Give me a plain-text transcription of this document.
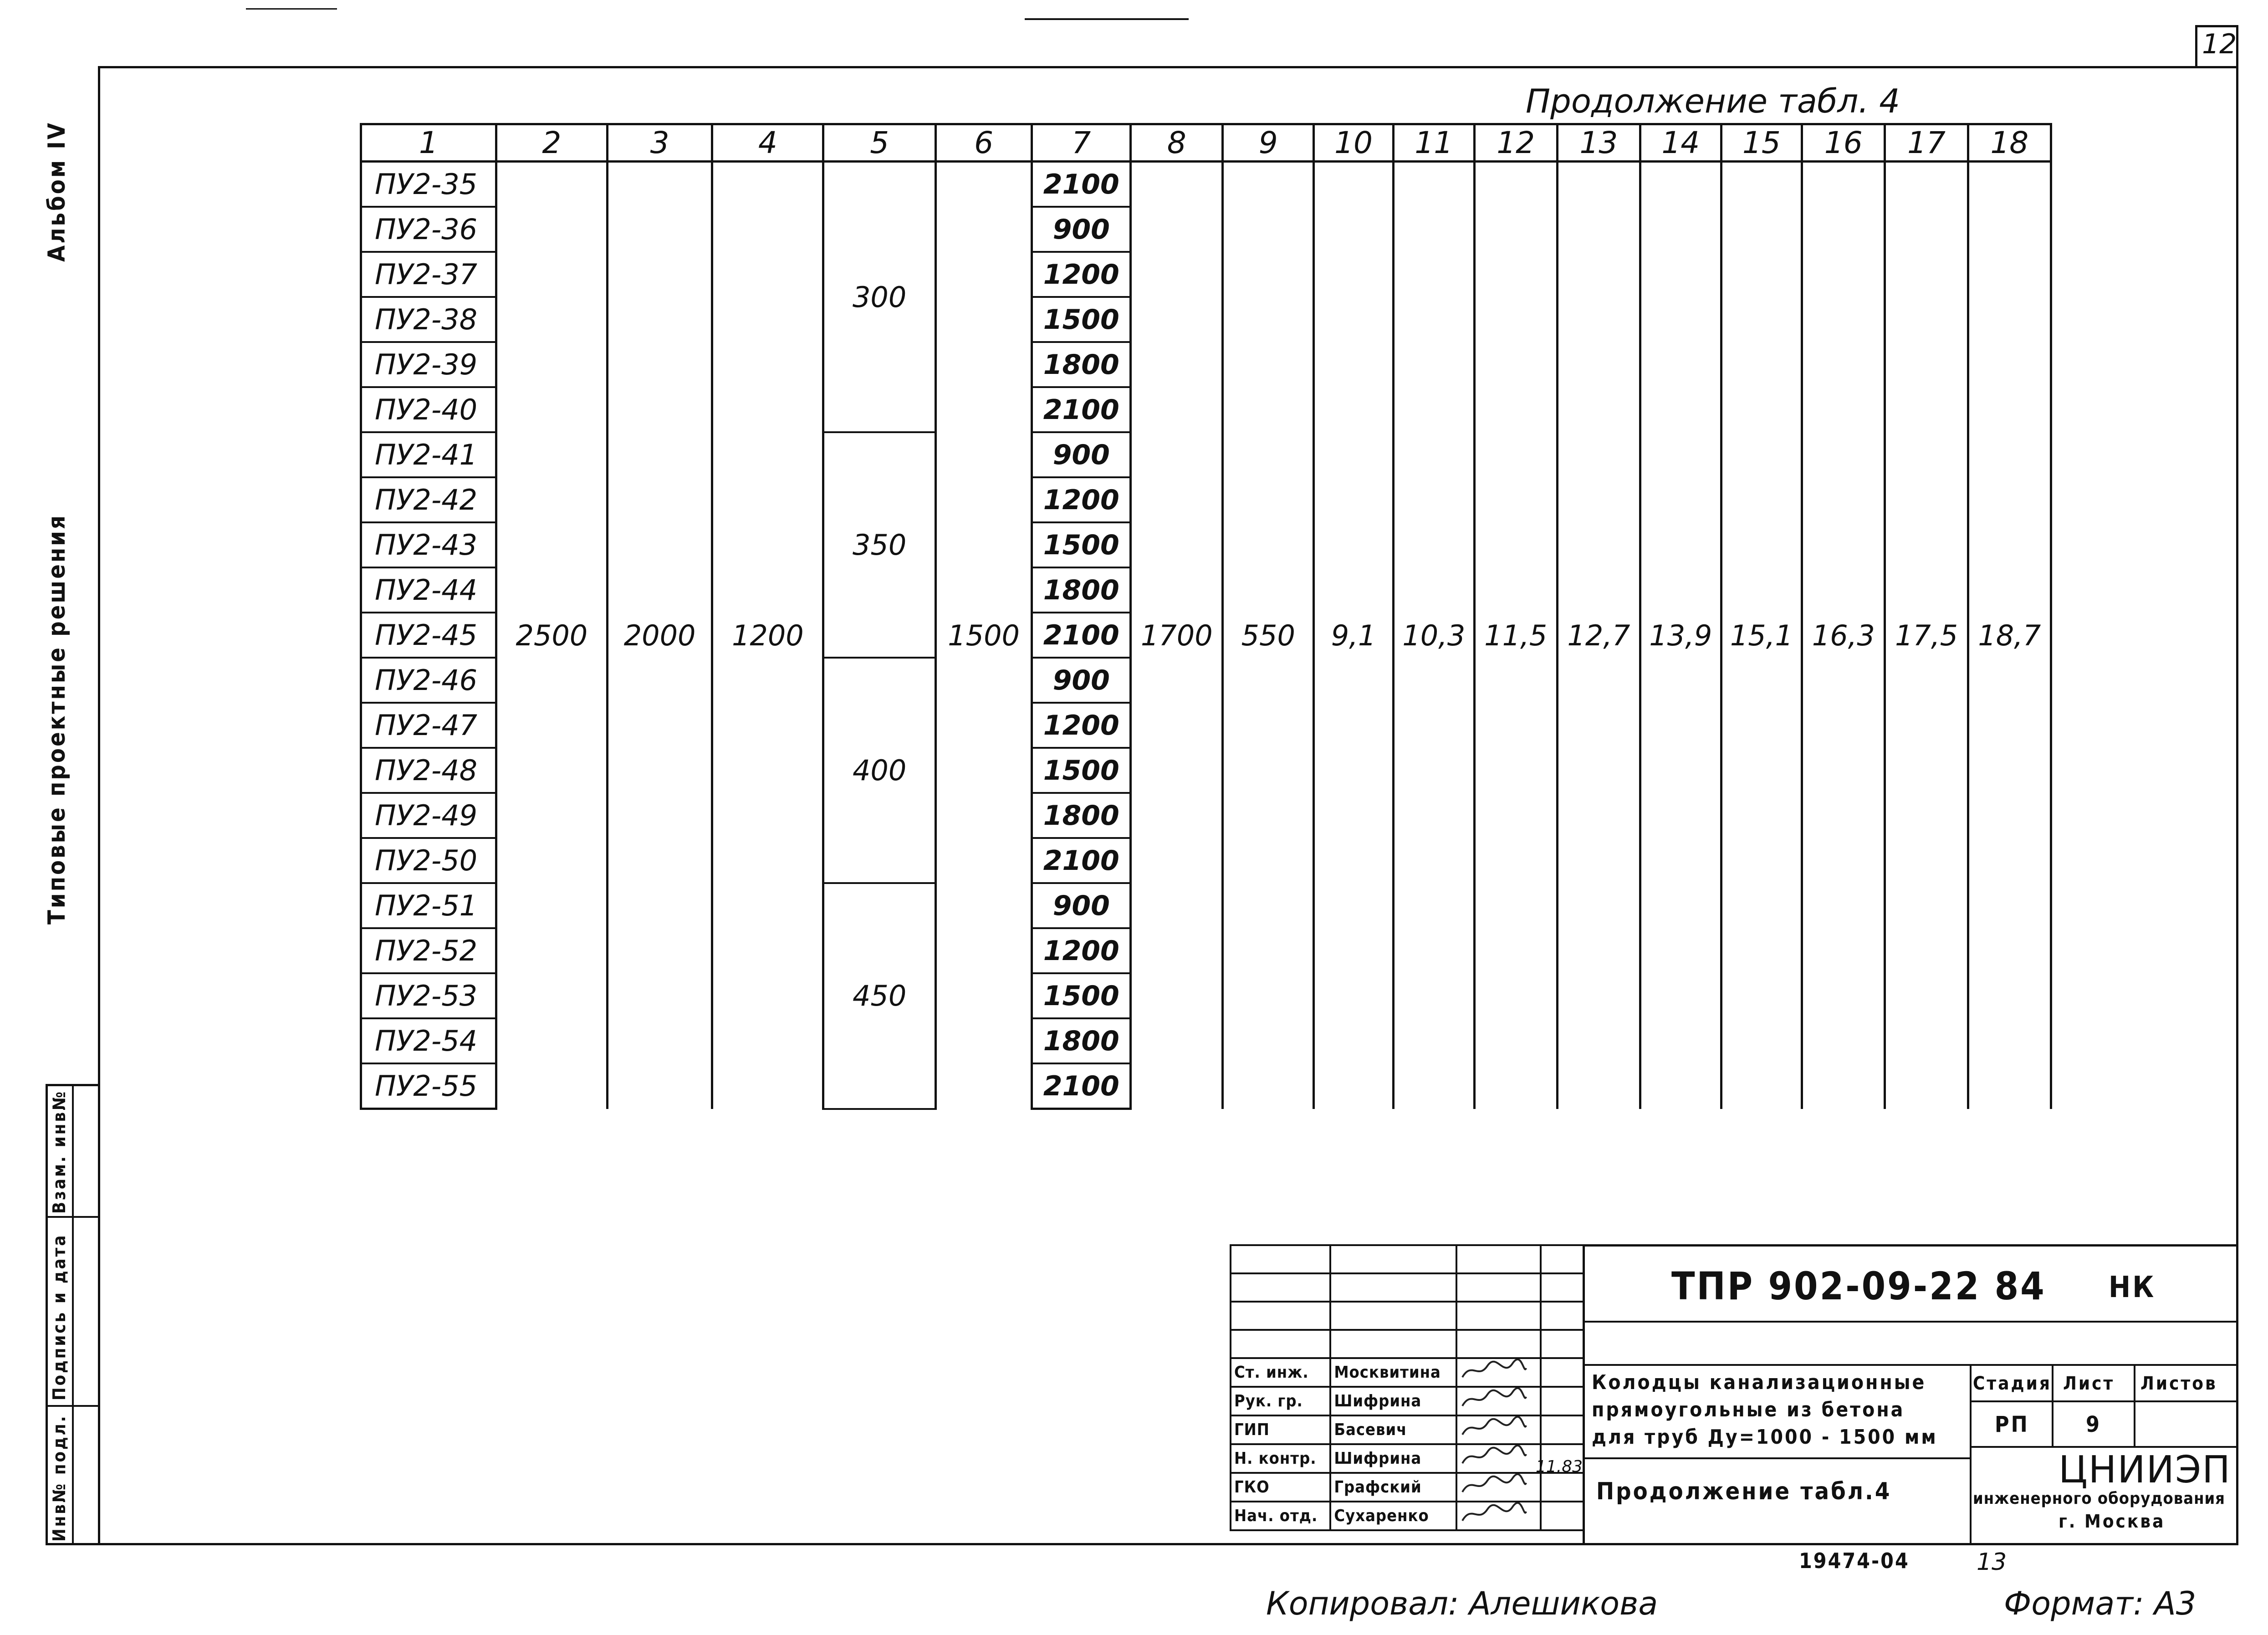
12
Альбом IV
Типовые проектные решения
Инв№ подл.
Подпись и дата
Взам. инв№
Продолжение табл. 4
1	2	3	4	5	6	7	8	9	10	11	12	13	14	15	16	17	18
ПУ2-35	2500	2000	1200	300	1500	2100	1700	550	9,1	10,3	11,5	12,7	13,9	15,1	16,3	17,5	18,7
ПУ2-36						900											
ПУ2-37						1200											
ПУ2-38						1500											
ПУ2-39						1800											
ПУ2-40						2100											
ПУ2-41				350		900											
ПУ2-42						1200											
ПУ2-43						1500											
ПУ2-44						1800											
ПУ2-45						2100											
ПУ2-46				400		900											
ПУ2-47						1200											
ПУ2-48						1500											
ПУ2-49						1800											
ПУ2-50						2100											
ПУ2-51				450		900											
ПУ2-52						1200											
ПУ2-53						1500											
ПУ2-54						1800											
ПУ2-55						2100											

Ст. инж.	Москвитина		
Рук. гр.	Шифрина		
ГИП	Басевич		
Н. контр.	Шифрина		
ГКО	Графский		
Нач. отд.	Сухаренко		
11.83
ТПР 902-09-22 84 НК
Колодцы канализационные
прямоугольные из бетона
для труб Ду=1000 - 1500 мм
Продолжение табл.4
Стадия Лист Листов
РП	9
ЦНИИЭП
инженерного оборудования
г. Москва
19474-04	13
Копировал: Алешикова	Формат: А3
